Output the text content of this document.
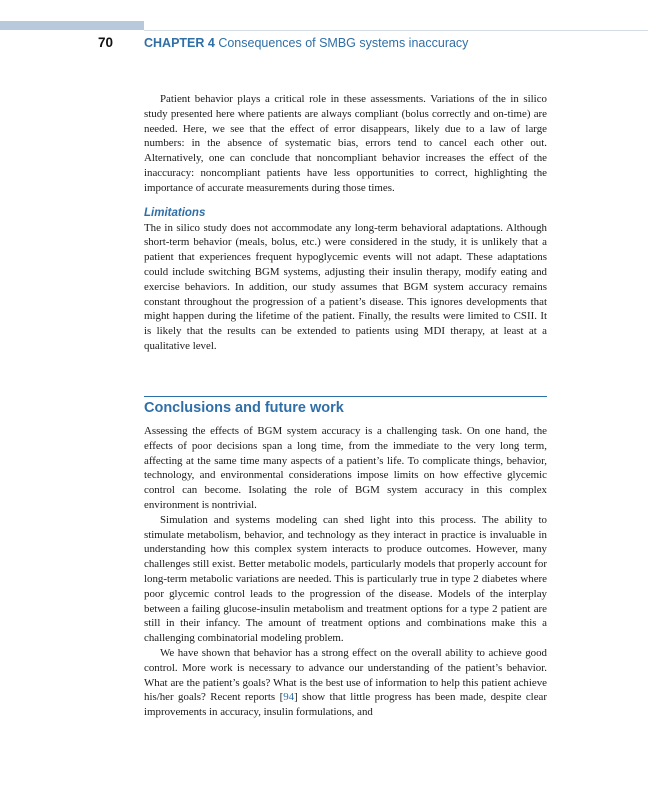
70 CHAPTER 4 Consequences of SMBG systems inaccuracy

Patient behavior plays a critical role in these assessments. Variations of the in silico study presented here where patients are always compliant (bolus correctly and on-time) are needed. Here, we see that the effect of error disappears, likely due to a law of large numbers: in the absence of systematic bias, errors tend to cancel each other out. Alternatively, one can conclude that noncompliant behavior increases the effect of the inaccuracy: noncompliant patients have less opportunities to correct, highlighting the importance of accurate measurements during those times.

Limitations

The in silico study does not accommodate any long-term behavioral adaptations. Although short-term behavior (meals, bolus, etc.) were considered in the study, it is unlikely that a patient that experiences frequent hypoglycemic events will not adapt. These adaptations could include switching BGM systems, adjusting their insulin therapy, modify eating and exercise behaviors. In addition, our study assumes that BGM system accuracy remains constant throughout the progression of a patient’s disease. This ignores developments that might happen during the lifetime of the patient. Finally, the results were limited to CSII. It is likely that the results can be extended to patients using MDI therapy, at least at a qualitative level.

Conclusions and future work

Assessing the effects of BGM system accuracy is a challenging task. On one hand, the effects of poor decisions span a long time, from the immediate to the very long term, affecting at the same time many aspects of a patient’s life. To complicate things, behavior, technology, and environmental considerations impose limits on how effective glycemic control can become. Isolating the role of BGM system accuracy in this complex environment is nontrivial.

Simulation and systems modeling can shed light into this process. The ability to stimulate metabolism, behavior, and technology as they interact in practice is invaluable in understanding how this complex system interacts to produce outcomes. However, many challenges still exist. Better metabolic models, particularly models that properly account for long-term metabolic variations are needed. This is particularly true in type 2 diabetes where poor glycemic control leads to the progression of the disease. Models of the interplay between a failing glucose-insulin metabolism and treatment options for a type 2 patient are still in their infancy. The amount of treatment options and combinations make this a challenging combinatorial modeling problem.

We have shown that behavior has a strong effect on the overall ability to achieve good control. More work is necessary to advance our understanding of the patient’s behavior. What are the patient’s goals? What is the best use of information to help this patient achieve his/her goals? Recent reports [94] show that little progress has been made, despite clear improvements in accuracy, insulin formulations, and
